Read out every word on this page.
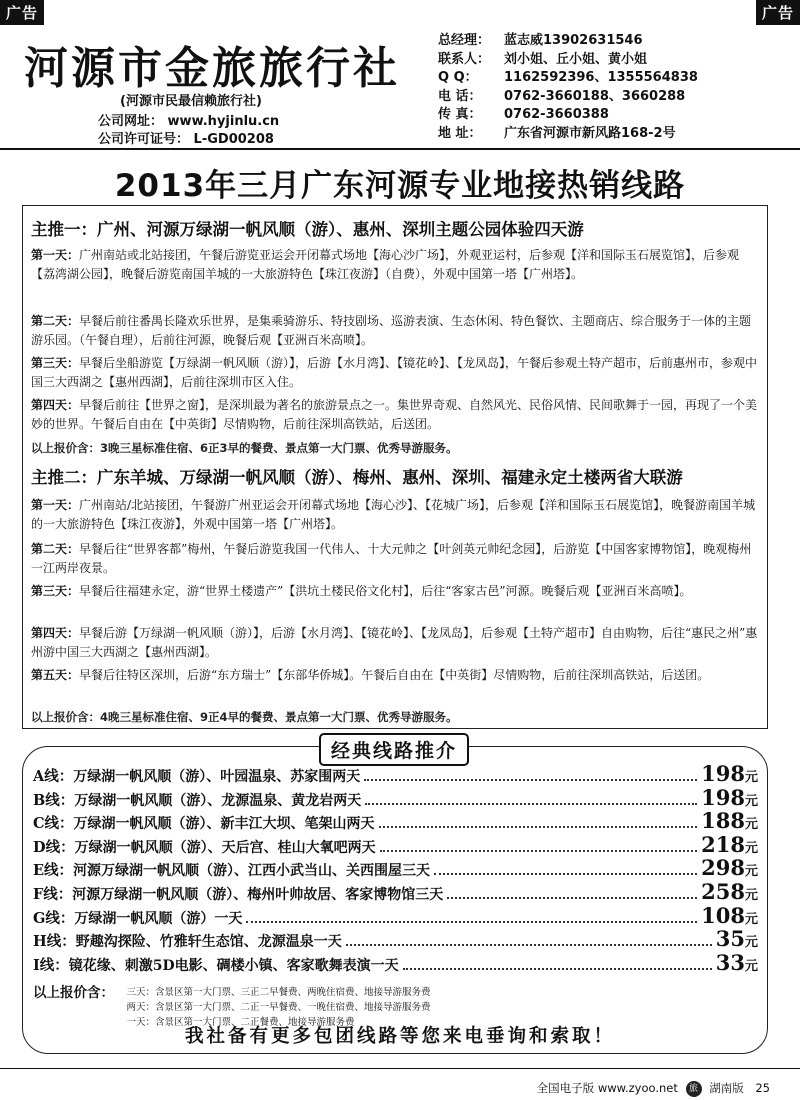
广告	广告
河源市金旅旅行社
(河源市民最信赖旅行社)
公司网址： www.hyjinlu.cn
公司许可证号： L-GD00208
总经理：	蓝志威13902631546
联系人：	刘小姐、丘小姐、黄小姐
Q Q：	1162592396、1355564838
电 话：	0762-3660188、3660288
传 真：	0762-3660388
地 址：	广东省河源市新风路168-2号
2013年三月广东河源专业地接热销线路
主推一：广州、河源万绿湖一帆风顺（游）、惠州、深圳主题公园体验四天游
第一天：广州南站或北站接团，午餐后游览亚运会开闭幕式场地【海心沙广场】，外观亚运村，后参观【洋和国际玉石展览馆】，后参观【荔湾湖公园】，晚餐后游览南国羊城的一大旅游特色【珠江夜游】（自费），外观中国第一塔【广州塔】。
第二天：早餐后前往番禺长隆欢乐世界，是集乘骑游乐、特技剧场、巡游表演、生态休闲、特色餐饮、主题商店、综合服务于一体的主题游乐园。（午餐自理），后前往河源，晚餐后观【亚洲百米高喷】。
第三天：早餐后坐船游览【万绿湖一帆风顺（游）】，后游【水月湾】、【镜花岭】、【龙凤岛】，午餐后参观土特产超市，后前惠州市，参观中国三大西湖之【惠州西湖】，后前往深圳市区入住。
第四天：早餐后前往【世界之窗】，是深圳最为著名的旅游景点之一。集世界奇观、自然风光、民俗风情、民间歌舞于一园，再现了一个美妙的世界。午餐后自由在【中英街】尽情购物，后前往深圳高铁站，后送团。
以上报价含：3晚三星标准住宿、6正3早的餐费、景点第一大门票、优秀导游服务。
主推二：广东羊城、万绿湖一帆风顺（游）、梅州、惠州、深圳、福建永定土楼两省大联游
第一天：广州南站/北站接团，午餐游广州亚运会开闭幕式场地【海心沙】、【花城广场】，后参观【洋和国际玉石展览馆】，晚餐游南国羊城的一大旅游特色【珠江夜游】，外观中国第一塔【广州塔】。
第二天：早餐后往“世界客都”梅州，午餐后游览我国一代伟人、十大元帅之【叶剑英元帅纪念园】，后游览【中国客家博物馆】，晚观梅州一江两岸夜景。
第三天：早餐后往福建永定，游“世界土楼遗产”【洪坑土楼民俗文化村】，后往“客家古邑”河源。晚餐后观【亚洲百米高喷】。
第四天：早餐后游【万绿湖一帆风顺（游）】，后游【水月湾】、【镜花岭】、【龙凤岛】，后参观【土特产超市】自由购物，后往“惠民之州”惠州游中国三大西湖之【惠州西湖】。
第五天：早餐后往特区深圳，后游“东方瑞士”【东部华侨城】。午餐后自由在【中英街】尽情购物，后前往深圳高铁站，后送团。
以上报价含：4晚三星标准住宿、9正4早的餐费、景点第一大门票、优秀导游服务。
经典线路推介
A线： 万绿湖一帆风顺（游）、叶园温泉、苏家围两天	198 元
B线： 万绿湖一帆风顺（游）、龙源温泉、黄龙岩两天	198 元
C线： 万绿湖一帆风顺（游）、新丰江大坝、笔架山两天	188 元
D线： 万绿湖一帆风顺（游）、天后宫、桂山大氧吧两天	218 元
E线： 河源万绿湖一帆风顺（游）、江西小武当山、关西围屋三天	298 元
F线： 河源万绿湖一帆风顺（游）、梅州叶帅故居、客家博物馆三天	258 元
G线： 万绿湖一帆风顺（游）一天	108 元
H线： 野趣沟探险、竹雅轩生态馆、龙源温泉一天	35 元
I线： 镜花缘、刺激5D电影、碉楼小镇、客家歌舞表演一天	33 元
以上报价含：	三天：含景区第一大门票、三正二早餐费、两晚住宿费、地接导游服务费
两天：含景区第一大门票、二正一早餐费、一晚住宿费、地接导游服务费
一天：含景区第一大门票、二正餐费、地接导游服务费
我社备有更多包团线路等您来电垂询和索取！
全国电子版 www.zyoo.net 旅 湖南版 25
